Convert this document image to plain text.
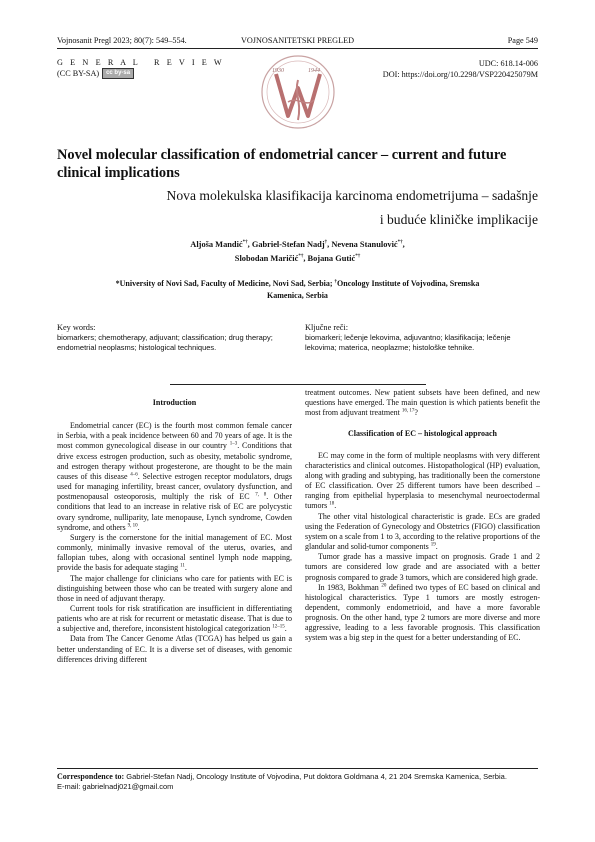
Vojnosanit Pregl 2023; 80(7): 549–554.	VOJNOSANITETSKI PREGLED	Page 549
G E N E R A L   R E V I E W
(CC BY-SA)	cc by-sa	1930	1944
UDC: 618.14-006
DOI: https://doi.org/10.2298/VSP220425079M
Novel molecular classification of endometrial cancer – current and future clinical implications
Nova molekulska klasifikacija karcinoma endometrijuma – sadašnje
i buduće kliničke implikacije
Aljoša Mandić*†, Gabriel-Stefan Nadj†, Nevena Stanulović*†,
Slobodan Maričić*†, Bojana Gutić*†
*University of Novi Sad, Faculty of Medicine, Novi Sad, Serbia; †Oncology Institute of Vojvodina, Sremska Kamenica, Serbia
Key words:
biomarkers; chemotherapy, adjuvant; classification; drug therapy; endometrial neoplasms; histological techniques.
Ključne reči:
biomarkeri; lečenje lekovima, adjuvantno; klasifikacija; lečenje lekovima; materica, neoplazme; histološke tehnike.
Introduction

Endometrial cancer (EC) is the fourth most common female cancer in Serbia, with a peak incidence between 60 and 70 years of age. It is the most common gynecological disease in our country $^{1-3}$. Conditions that drive excess estrogen production, such as obesity, metabolic syndrome, and estrogen therapy without progesterone, are thought to be the main causes of this disease $^{4-6}$. Selective estrogen receptor modulators, drugs used for managing infertility, breast cancer, ovulatory dysfunction, and postmenopausal osteoporosis, multiply the risk of EC $^{7, 8}$. Other conditions that lead to an increase in relative risk of EC are polycystic ovary syndrome, nulliparity, late menopause, Lynch syndrome, Cowden syndrome, and others $^{9, 10}$.

Surgery is the cornerstone for the initial management of EC. Most commonly, minimally invasive removal of the uterus, ovaries, and fallopian tubes, along with occasional sentinel lymph node mapping, provide the basis for adequate staging $^{11}$.

The major challenge for clinicians who care for patients with EC is distinguishing between those who can be treated with surgery alone and those in need of adjuvant therapy.

Current tools for risk stratification are insufficient in differentiating patients who are at risk for recurrent or metastatic disease. That is due to a subjective and, therefore, inconsistent histological categorization $^{12-15}$.

Data from The Cancer Genome Atlas (TCGA) has helped us gain a better understanding of EC. It is a diverse set of diseases, with genomic differences driving different

treatment outcomes. New patient subsets have been defined, and new questions have emerged. The main question is which patients benefit the most from adjuvant treatment $^{16, 17}$?

Classification of EC – histological approach

EC may come in the form of multiple neoplasms with very different characteristics and clinical outcomes. Histopathological (HP) evaluation, along with grading and subtyping, has traditionally been the cornerstone of EC classification. Over 25 different tumors have been described – ranging from epithelial hyperplasia to mesenchymal neuroectodermal tumors $^{18}$.

The other vital histological characteristic is grade. ECs are graded using the Federation of Gynecology and Obstetrics (FIGO) classification system on a scale from 1 to 3, according to the relative proportions of the glandular and solid-tumor components $^{19}$.

Tumor grade has a massive impact on prognosis. Grade 1 and 2 tumors are considered low grade and are associated with a better prognosis compared to grade 3 tumors, which are considered high grade.

In 1983, Bokhman $^{20}$ defined two types of EC based on clinical and histological characteristics. Type 1 tumors are mostly estrogen-dependent, commonly endometrioid, and have a more favorable prognosis. On the other hand, type 2 tumors are more diverse and more aggressive, leading to a less favorable prognosis. This classification system was a big step in the quest for a better understanding of EC.

Correspondence to: Gabriel-Stefan Nadj, Oncology Institute of Vojvodina, Put doktora Goldmana 4, 21 204 Sremska Kamenica, Serbia.
E-mail: gabrielnadj021@gmail.com
